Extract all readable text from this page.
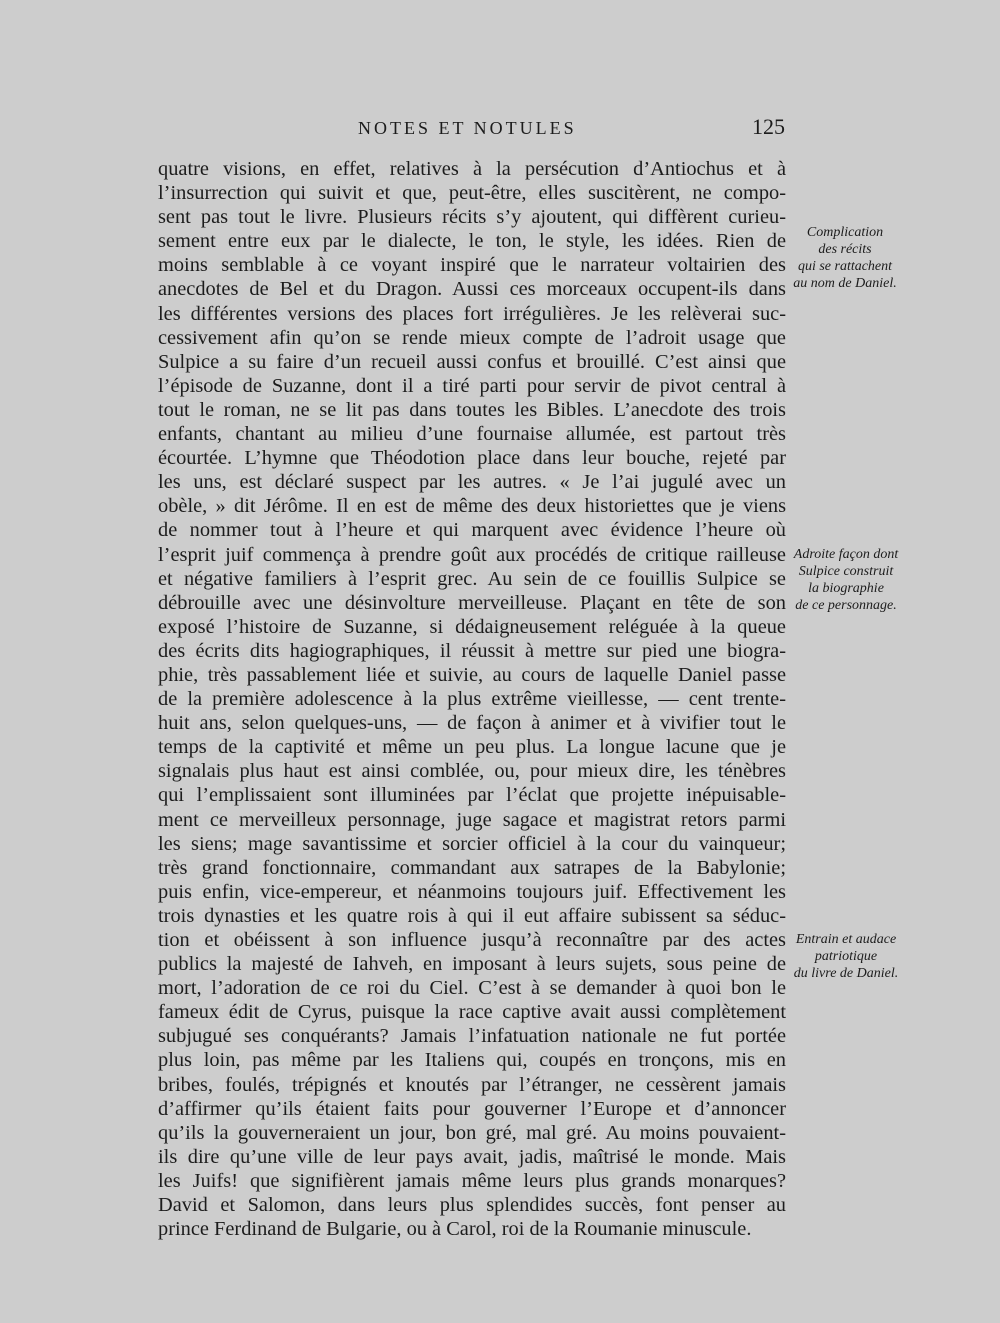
NOTES ET NOTULES	125
quatre visions, en effet, relatives à la persécution d’Antiochus et à
l’insurrection qui suivit et que, peut-être, elles suscitèrent, ne compo-
sent pas tout le livre. Plusieurs récits s’y ajoutent, qui diffèrent curieu-
sement entre eux par le dialecte, le ton, le style, les idées. Rien de
moins semblable à ce voyant inspiré que le narrateur voltairien des
anecdotes de Bel et du Dragon. Aussi ces morceaux occupent-ils dans
les différentes versions des places fort irrégulières. Je les relèverai suc-
cessivement afin qu’on se rende mieux compte de l’adroit usage que
Sulpice a su faire d’un recueil aussi confus et brouillé. C’est ainsi que
l’épisode de Suzanne, dont il a tiré parti pour servir de pivot central à
tout le roman, ne se lit pas dans toutes les Bibles. L’anecdote des trois
enfants, chantant au milieu d’une fournaise allumée, est partout très
écourtée. L’hymne que Théodotion place dans leur bouche, rejeté par
les uns, est déclaré suspect par les autres. « Je l’ai jugulé avec un
obèle, » dit Jérôme. Il en est de même des deux historiettes que je viens
de nommer tout à l’heure et qui marquent avec évidence l’heure où
l’esprit juif commença à prendre goût aux procédés de critique railleuse
et négative familiers à l’esprit grec. Au sein de ce fouillis Sulpice se
débrouille avec une désinvolture merveilleuse. Plaçant en tête de son
exposé l’histoire de Suzanne, si dédaigneusement reléguée à la queue
des écrits dits hagiographiques, il réussit à mettre sur pied une biogra-
phie, très passablement liée et suivie, au cours de laquelle Daniel passe
de la première adolescence à la plus extrême vieillesse, — cent trente-
huit ans, selon quelques-uns, — de façon à animer et à vivifier tout le
temps de la captivité et même un peu plus. La longue lacune que je
signalais plus haut est ainsi comblée, ou, pour mieux dire, les ténèbres
qui l’emplissaient sont illuminées par l’éclat que projette inépuisable-
ment ce merveilleux personnage, juge sagace et magistrat retors parmi
les siens; mage savantissime et sorcier officiel à la cour du vainqueur;
très grand fonctionnaire, commandant aux satrapes de la Babylonie;
puis enfin, vice-empereur, et néanmoins toujours juif. Effectivement les
trois dynasties et les quatre rois à qui il eut affaire subissent sa séduc-
tion et obéissent à son influence jusqu’à reconnaître par des actes
publics la majesté de Iahveh, en imposant à leurs sujets, sous peine de
mort, l’adoration de ce roi du Ciel. C’est à se demander à quoi bon le
fameux édit de Cyrus, puisque la race captive avait aussi complètement
subjugué ses conquérants? Jamais l’infatuation nationale ne fut portée
plus loin, pas même par les Italiens qui, coupés en tronçons, mis en
bribes, foulés, trépignés et knoutés par l’étranger, ne cessèrent jamais
d’affirmer qu’ils étaient faits pour gouverner l’Europe et d’annoncer
qu’ils la gouverneraient un jour, bon gré, mal gré. Au moins pouvaient-
ils dire qu’une ville de leur pays avait, jadis, maîtrisé le monde. Mais
les Juifs! que signifièrent jamais même leurs plus grands monarques?
David et Salomon, dans leurs plus splendides succès, font penser au
prince Ferdinand de Bulgarie, ou à Carol, roi de la Roumanie minuscule.
Complication
des récits
qui se rattachent
au nom de Daniel.
Adroite façon dont
Sulpice construit
la biographie
de ce personnage.
Entrain et audace
patriotique
du livre de Daniel.
